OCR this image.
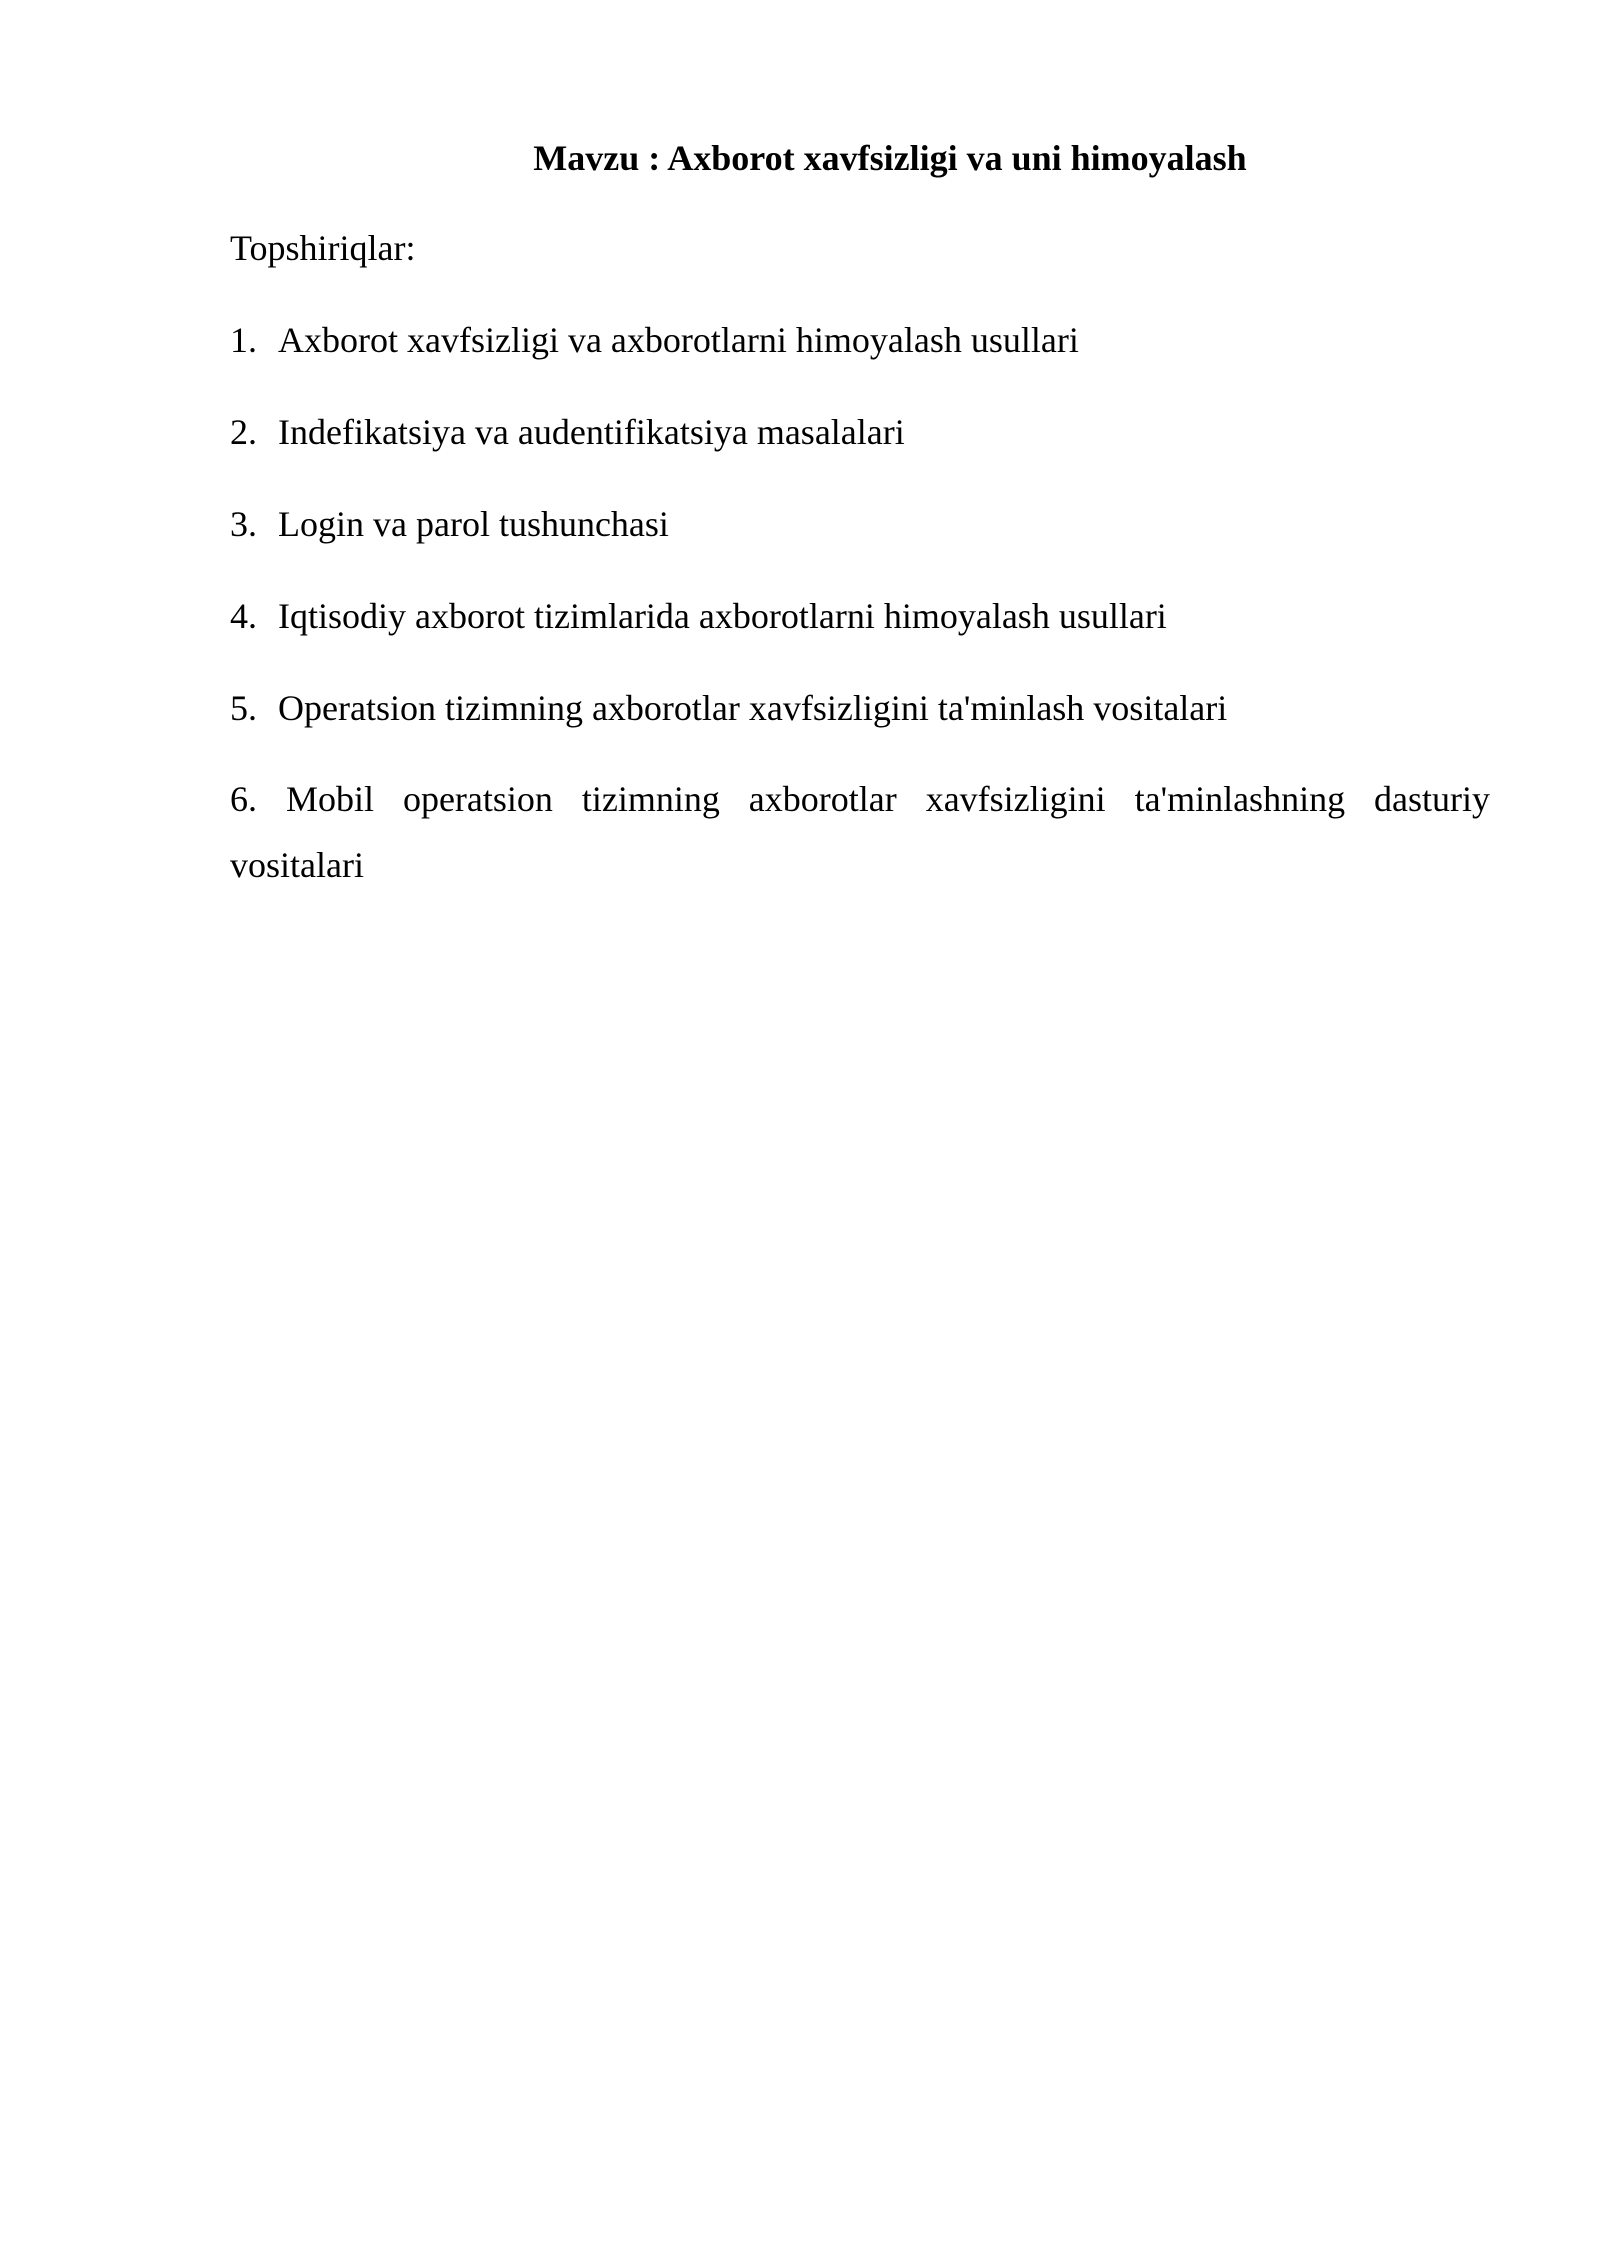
Mavzu : Axborot xavfsizligi va uni himoyalash

Topshiriqlar:

1. Axborot xavfsizligi va axborotlarni himoyalash usullari
2. Indefikatsiya va audentifikatsiya masalalari
3. Login va parol tushunchasi
4. Iqtisodiy axborot tizimlarida axborotlarni himoyalash usullari
5. Operatsion tizimning axborotlar xavfsizligini ta'minlash vositalari
6. Mobil operatsion tizimning axborotlar xavfsizligini ta'minlashning dasturiy vositalari
